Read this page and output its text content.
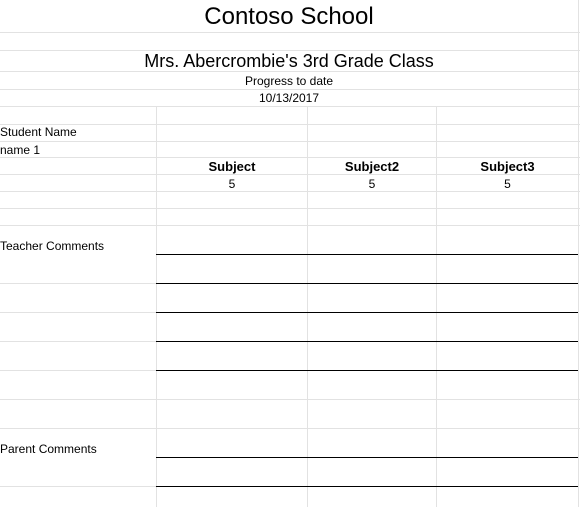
Contoso School
Mrs. Abercrombie's 3rd Grade Class
Progress to date
10/13/2017
Student Name
name 1
Subject	Subject2	Subject3
5	5	5
Teacher Comments
Parent Comments
